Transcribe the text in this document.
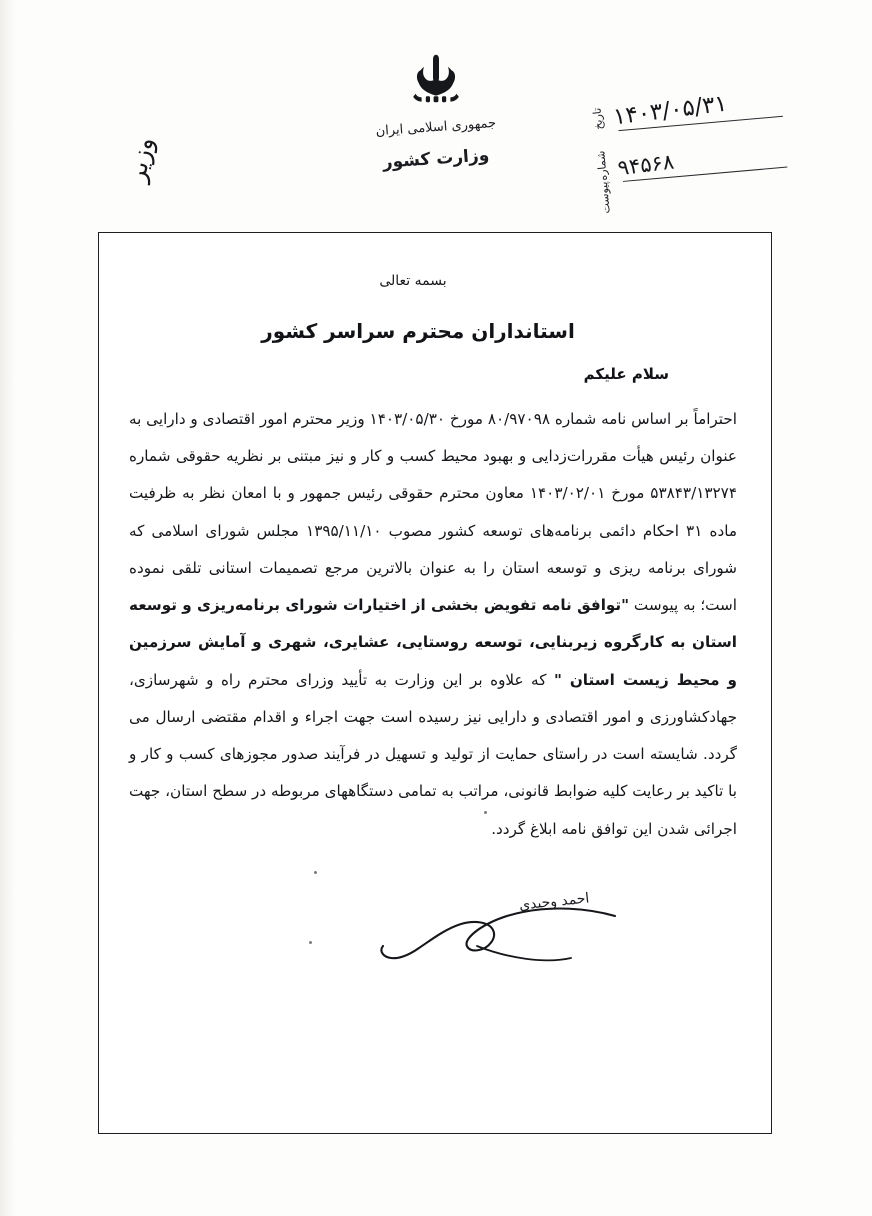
تاریخ ۱۴۰۳/۰۵/۳۱
شماره ۹۴۵۶۸
پیوست
جمهوری اسلامی ایران
وزارت کشور
وزیر
بسمه تعالی
استانداران محترم سراسر کشور
سلام علیکم

احتراماً بر اساس نامه شماره ۸۰/۹۷۰۹۸ مورخ ۱۴۰۳/۰۵/۳۰ وزیر محترم امور اقتصادی و دارایی به عنوان رئیس هیأت مقررات‌زدایی و بهبود محیط کسب و کار و نیز مبتنی بر نظریه حقوقی شماره ۵۳۸۴۳/۱۳۲۷۴ مورخ ۱۴۰۳/۰۲/۰۱ معاون محترم حقوقی رئیس جمهور و با امعان نظر به ظرفیت ماده ۳۱ احکام دائمی برنامه‌های توسعه کشور مصوب ۱۳۹۵/۱۱/۱۰ مجلس شورای اسلامی که شورای برنامه ریزی و توسعه استان را به عنوان بالاترین مرجع تصمیمات استانی تلقی نموده است؛ به پیوست "توافق نامه تفویض بخشی از اختیارات شورای برنامه‌ریزی و توسعه استان به کارگروه زیربنایی، توسعه روستایی، عشایری، شهری و آمایش سرزمین و محیط زیست استان " که علاوه بر این وزارت به تأیید وزرای محترم راه و شهرسازی، جهادکشاورزی و امور اقتصادی و دارایی نیز رسیده است جهت اجراء و اقدام مقتضی ارسال می گردد. شایسته است در راستای حمایت از تولید و تسهیل در فرآیند صدور مجوزهای کسب و کار و با تاکید بر رعایت کلیه ضوابط قانونی، مراتب به تمامی دستگاههای مربوطه در سطح استان، جهت اجرائی شدن این توافق نامه ابلاغ گردد.

احمد وحیدی
